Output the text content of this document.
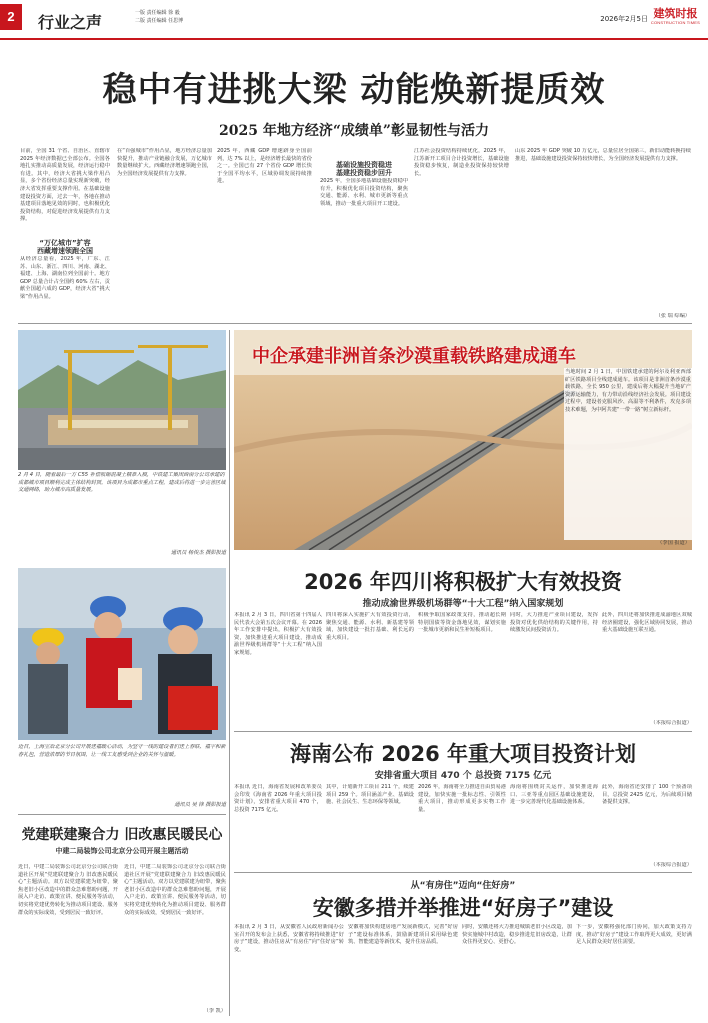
2	行业之声	一版 责任编辑 徐 毅
二版 责任编辑 任思博	2026年2月5日 建筑时报
CONSTRUCTION TIMES
稳中有进挑大梁 动能焕新提质效
2025 年地方经济“成绩单”彰显韧性与活力
目前，全国 31 个省、自治区、直辖市 2025 年经济数据已全部公布。全国各地扎实推动高质量发展，经济运行稳中有进。其中，经济大省挑大梁作用凸显，多个省份经济总量实现新突破，经济大省发挥重要支撑作用。在基础设施建设投资方面，过去一年，各地在推动基建项目落地见效的同时，也积极优化投资结构，对促进经济发展提供有力支撑。
“万亿城市”扩容
西藏增速领跑全国
从经济总量看，2025 年，广东、江苏、山东、浙江、四川、河南、湖北、福建、上海、湖南位列全国前十。地方 GDP 总量合计占全国约 60% 左右，贡献全国超六成的 GDP，经济大省“挑大梁”作用凸显。
在“百强城市”作用凸显，地方经济总量加快提升，推动产业链融合发展，万亿城市数量继续扩大。西藏经济增速领跑全国，为全国经济发展提供有力支撑。
2025 年，西藏 GDP 增速跻身全国前列，达 7% 以上，是经济增长最快的省份之一。全国已有 27 个省份 GDP 增长快于全国平均水平，区域协调发展持续推进。
基础设施投资稳进
基建投资稳步回升
2025 年，全国多地基础设施投资稳中有升，积极优化项目投资结构，聚焦交通、能源、水利、城市更新等重点领域，推动一批重大项目开工建设。
江苏社会投资结构持续优化，2025 年，江苏新开工项目合计投资增长，基础设施投资稳步恢复，制造业投资保持较快增长。
山东 2025 年 GDP 突破 10 万亿元，总量位居全国第三，新旧动能转换持续推进，基础设施建设投资保持较快增长，为全国经济发展提供有力支撑。
（张 瑞 综编）
2 月 4 日，随着最后一方 C55 补偿收缩混凝土精准入模，中铁建工集团西南分公司承建的成都城市项目顺利完成主体结构封顶。该项目为成都市重点工程，建成后将进一步完善区域交通网络，助力城市高质量发展。
通讯员 杨俊杰 摄影报道
近日，上海宝冶北京分公司开展送福暖心活动，为坚守一线的建设者们送上春联、福字和新春礼包，营造浓厚的节日氛围，让一线工友感受到企业的关怀与温暖。
通讯员 吴 锋 摄影报道
党建联建聚合力 旧改惠民暖民心
中建二局装饰公司北京分公司开展主题活动
近日，中建二局装饰公司北京分公司联合街道社区开展“党建联建聚合力 旧改惠民暖民心”主题活动。双方以党建联建为纽带，聚焦老旧小区改造中的群众急难愁盼问题，开展入户走访、政策宣讲、便民服务等活动，切实将党建优势转化为推动项目建设、服务群众的实际成效，受到居民一致好评。
近日，中建二局装饰公司北京分公司联合街道社区开展“党建联建聚合力 旧改惠民暖民心”主题活动。双方以党建联建为纽带，聚焦老旧小区改造中的群众急难愁盼问题，开展入户走访、政策宣讲、便民服务等活动，切实将党建优势转化为推动项目建设、服务群众的实际成效，受到居民一致好评。
（李 凯）
中企承建非洲首条沙漠重载铁路建成通车
当地时间 2 月 1 日，中国铁建承建的阿尔及利亚西部矿区铁路项目全线建成通车。该项目是非洲首条沙漠重载铁路，全长 950 公里，建成后将大幅提升当地矿产资源运输能力，有力带动沿线经济社会发展。项目建设过程中，建设者克服风沙、高温等不利条件，攻克多项技术难题，为中阿共建“一带一路”树立新标杆。
（李国 报道）
2026 年四川将积极扩大有效投资
推动成渝世界级机场群等“十大工程”纳入国家规划
本报讯 2 月 3 日，四川省第十四届人民代表大会第五次会议开幕。在 2026 年工作安排中提出，积极扩大有效投资，加快推进重大项目建设，推动成渝世界级机场群等“十大工程”纳入国家规划。
四川将深入实施扩大有效投资行动，聚焦交通、能源、水利、新基建等领域，加快建设一批打基础、利长远的重大项目。
积极争取国家政策支持，推动超长期特别国债等资金落地见效，谋划实施一批城市更新和民生补短板项目。
同时，大力推进产业项目建设，发挥投资对优化供给结构的关键作用，持续激发民间投资活力。
此外，四川还将加快推进成渝地区双城经济圈建设，强化区域协同发展，推动重大基础设施互联互通。
（本报综合报道）
海南公布 2026 年重大项目投资计划
安排省重大项目 470 个 总投资 7175 亿元
本报讯 近日，海南省发展和改革委员会印发《海南省 2026 年重大项目投资计划》，安排省重大项目 470 个，总投资 7175 亿元。
其中，计划新开工项目 211 个，续建项目 259 个。项目涵盖产业、基础设施、社会民生、生态环保等领域。
2026 年，海南将全力推进自由贸易港建设，加快实施一批标志性、引领性重大项目，推动形成更多实物工作量。
海南将围绕封关运作，加快推进海口、三亚等重点园区基础设施建设，进一步完善现代化基础设施体系。
此外，海南省还安排了 100 个预备项目，总投资 2425 亿元，为后续项目储备提供支撑。
（本报综合报道）
从“有房住”迈向“住好房”
安徽多措并举推进“好房子”建设
本报讯 2 月 3 日，从安徽省人民政府新闻办公室召开的发布会上获悉，安徽省将持续推进“好房子”建设，推动住房从“有房住”向“住好房”转变。
安徽将加快构建房地产发展新模式，完善“好房子”建设标准体系，鼓励新建项目采用绿色建筑、智能建造等新技术，提升住房品质。
同时，安徽还将大力推进城镇老旧小区改造，加快实施城中村改造，稳步推进危旧房改造，让群众住得更安心、更舒心。
下一步，安徽将强化部门协同，加大政策支持力度，推动“好房子”建设工作取得更大成效，更好满足人民群众美好居住需要。
